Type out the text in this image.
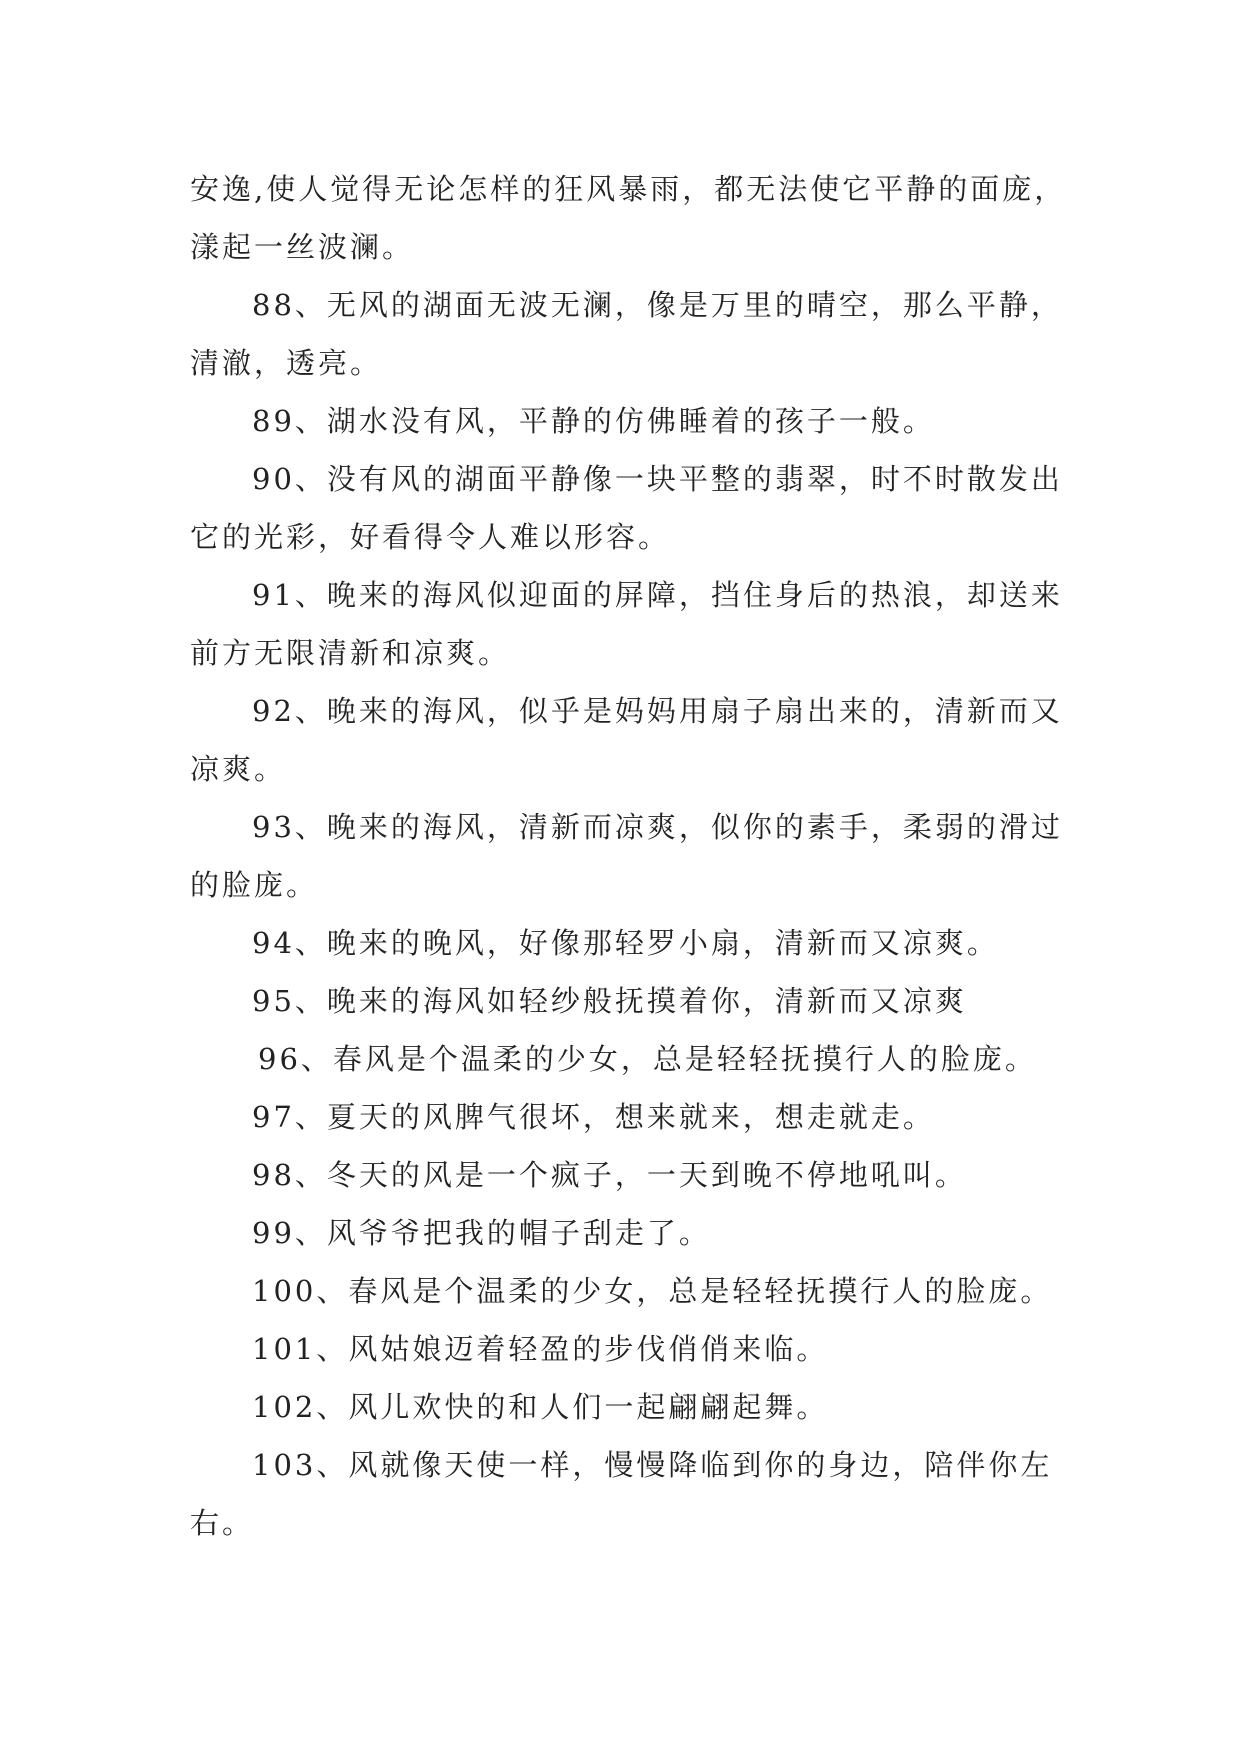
安逸,使人觉得无论怎样的狂风暴雨，都无法使它平静的面庞，漾起一丝波澜。

88、无风的湖面无波无澜，像是万里的晴空，那么平静，清澈，透亮。

89、湖水没有风，平静的仿佛睡着的孩子一般。

90、没有风的湖面平静像一块平整的翡翠，时不时散发出它的光彩，好看得令人难以形容。

91、晚来的海风似迎面的屏障，挡住身后的热浪，却送来前方无限清新和凉爽。

92、晚来的海风，似乎是妈妈用扇子扇出来的，清新而又凉爽。

93、晚来的海风，清新而凉爽，似你的素手，柔弱的滑过的脸庞。

94、晚来的晚风，好像那轻罗小扇，清新而又凉爽。

95、晚来的海风如轻纱般抚摸着你，清新而又凉爽

96、春风是个温柔的少女，总是轻轻抚摸行人的脸庞。

97、夏天的风脾气很坏，想来就来，想走就走。

98、冬天的风是一个疯子，一天到晚不停地吼叫。

99、风爷爷把我的帽子刮走了。

100、春风是个温柔的少女，总是轻轻抚摸行人的脸庞。

101、风姑娘迈着轻盈的步伐俏俏来临。

102、风儿欢快的和人们一起翩翩起舞。

103、风就像天使一样，慢慢降临到你的身边，陪伴你左右。
